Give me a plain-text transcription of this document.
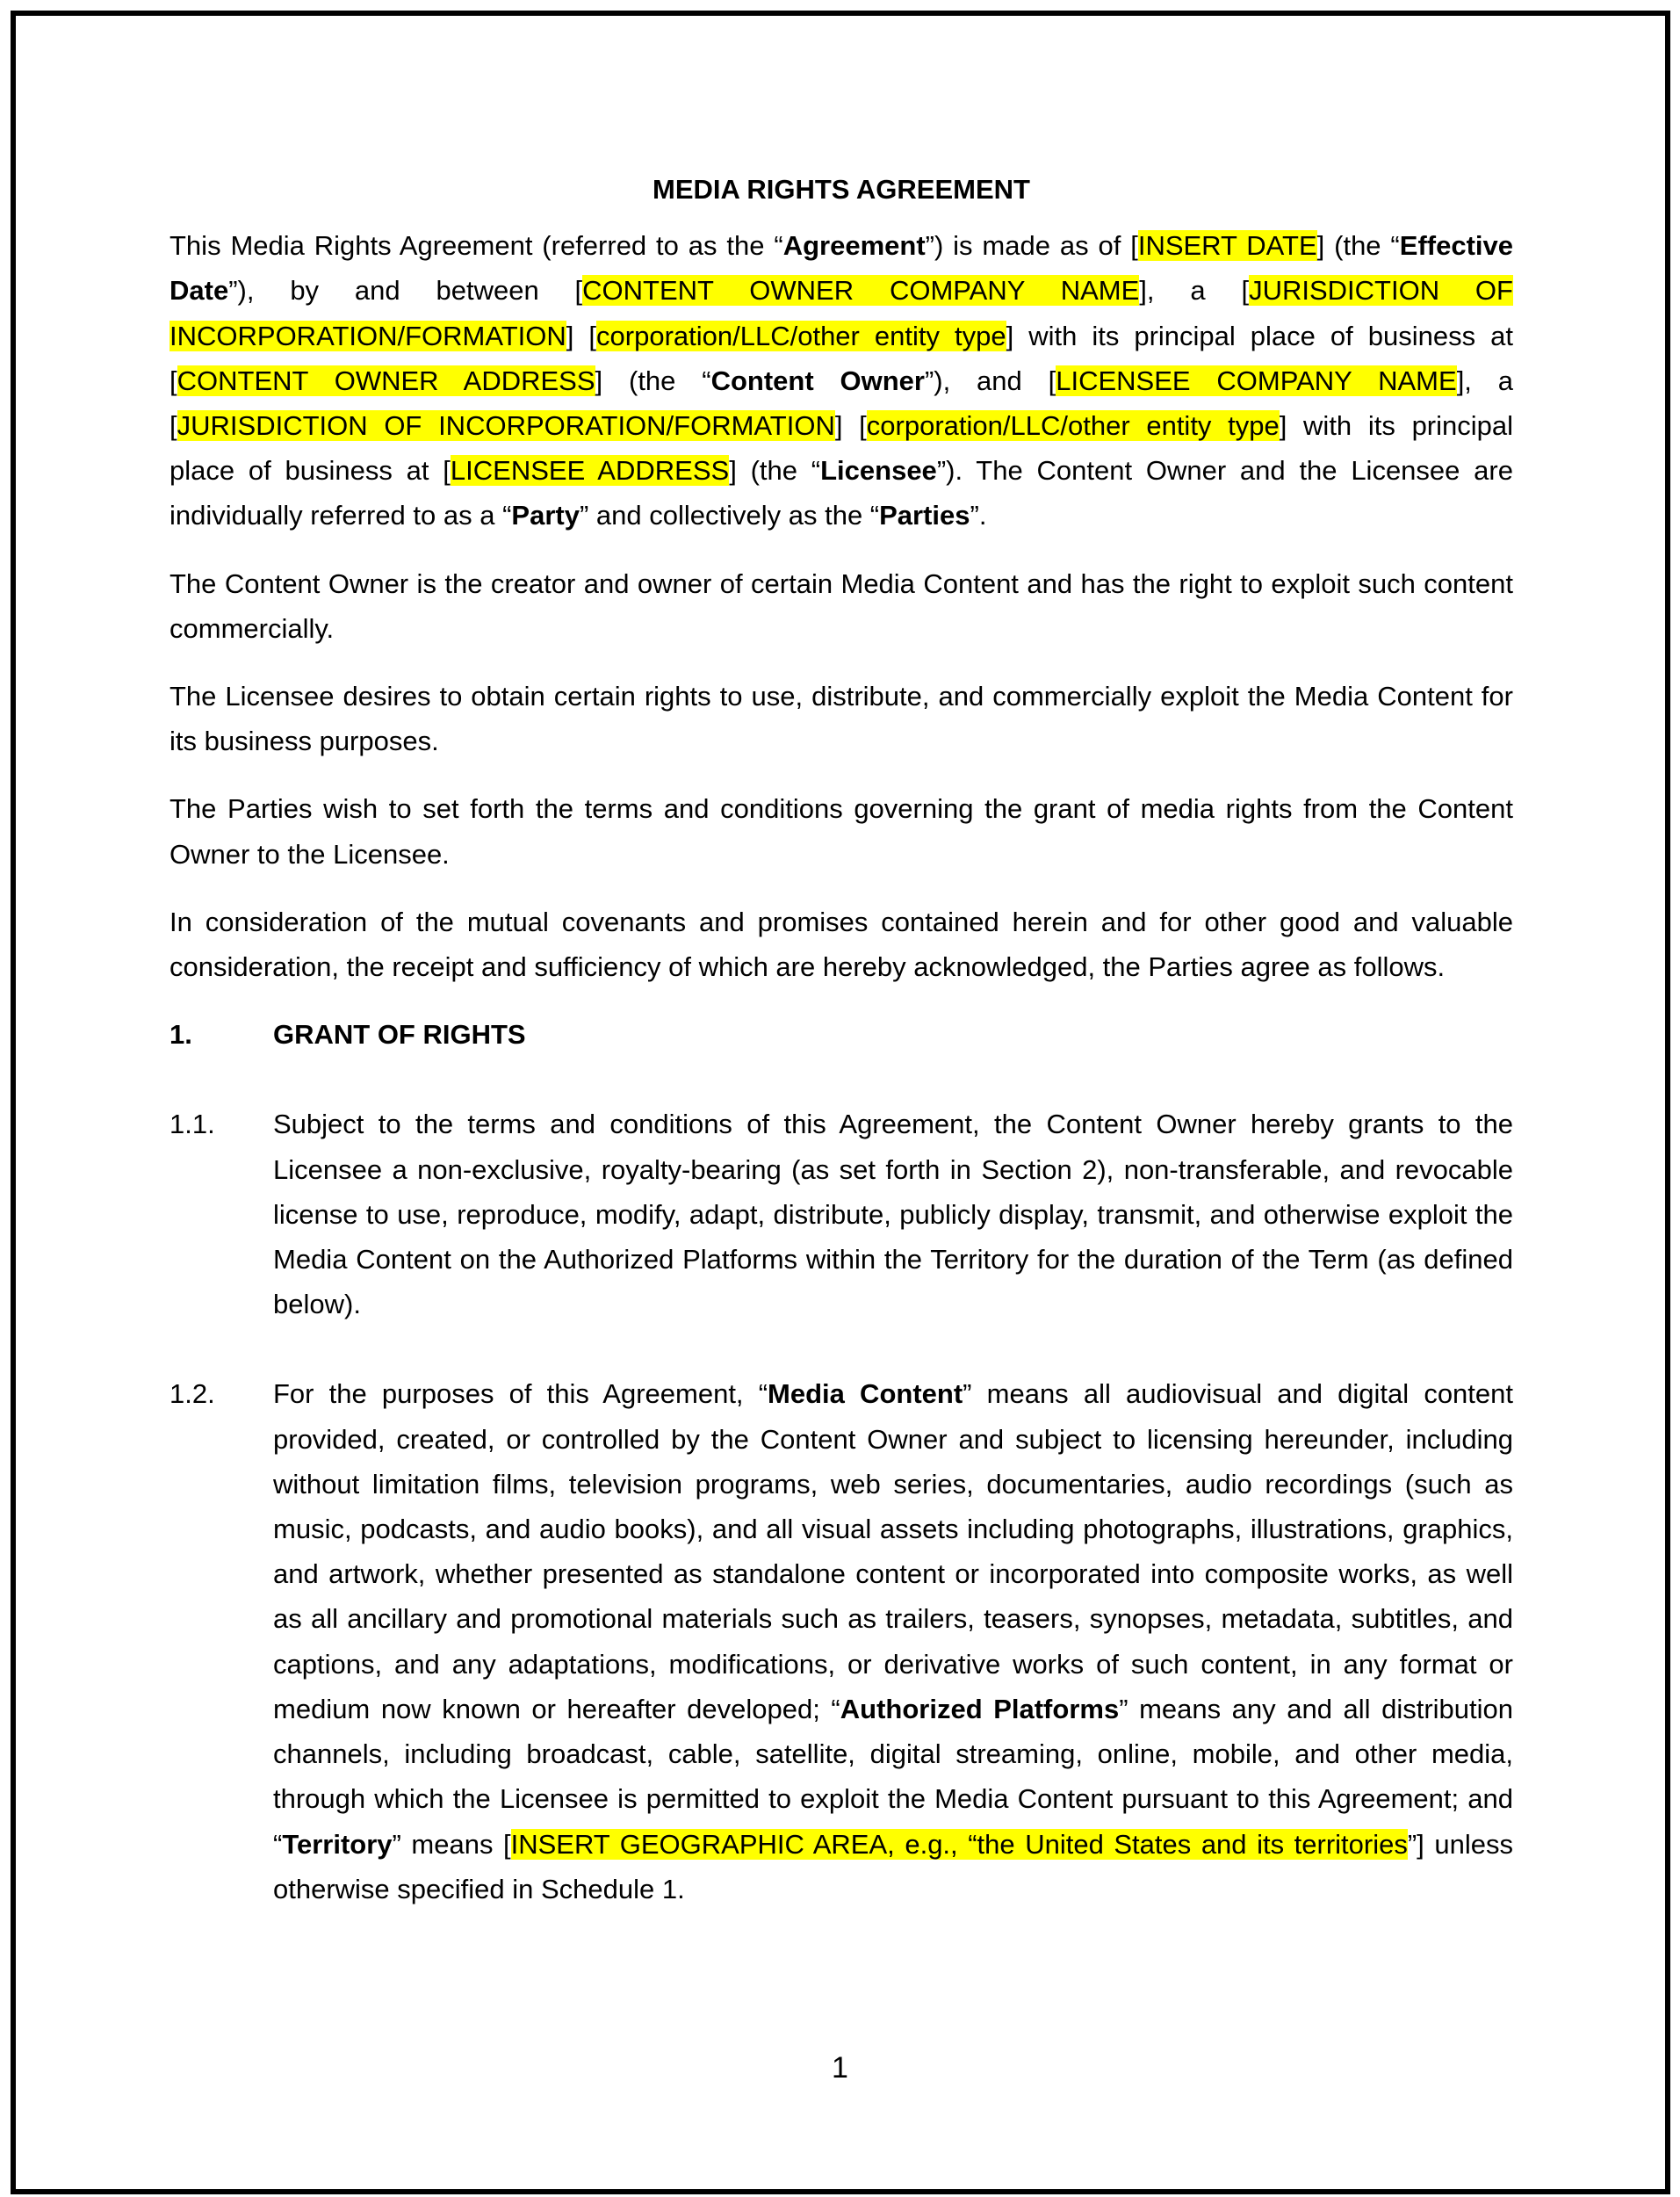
MEDIA RIGHTS AGREEMENT

This Media Rights Agreement (referred to as the “Agreement”) is made as of [INSERT DATE] (the “Effective Date”), by and between [CONTENT OWNER COMPANY NAME], a [JURISDICTION OF INCORPORATION/FORMATION] [corporation/LLC/other entity type] with its principal place of business at [CONTENT OWNER ADDRESS] (the “Content Owner”), and [LICENSEE COMPANY NAME], a [JURISDICTION OF INCORPORATION/FORMATION] [corporation/LLC/other entity type] with its principal place of business at [LICENSEE ADDRESS] (the “Licensee”). The Content Owner and the Licensee are individually referred to as a “Party” and collectively as the “Parties”.

The Content Owner is the creator and owner of certain Media Content and has the right to exploit such content commercially.

The Licensee desires to obtain certain rights to use, distribute, and commercially exploit the Media Content for its business purposes.

The Parties wish to set forth the terms and conditions governing the grant of media rights from the Content Owner to the Licensee.

In consideration of the mutual covenants and promises contained herein and for other good and valuable consideration, the receipt and sufficiency of which are hereby acknowledged, the Parties agree as follows.

1.	GRANT OF RIGHTS
1.1.	Subject to the terms and conditions of this Agreement, the Content Owner hereby grants to the Licensee a non-exclusive, royalty-bearing (as set forth in Section 2), non-transferable, and revocable license to use, reproduce, modify, adapt, distribute, publicly display, transmit, and otherwise exploit the Media Content on the Authorized Platforms within the Territory for the duration of the Term (as defined below).
1.2.	For the purposes of this Agreement, “Media Content” means all audiovisual and digital content provided, created, or controlled by the Content Owner and subject to licensing hereunder, including without limitation films, television programs, web series, documentaries, audio recordings (such as music, podcasts, and audio books), and all visual assets including photographs, illustrations, graphics, and artwork, whether presented as standalone content or incorporated into composite works, as well as all ancillary and promotional materials such as trailers, teasers, synopses, metadata, subtitles, and captions, and any adaptations, modifications, or derivative works of such content, in any format or medium now known or hereafter developed; “Authorized Platforms” means any and all distribution channels, including broadcast, cable, satellite, digital streaming, online, mobile, and other media, through which the Licensee is permitted to exploit the Media Content pursuant to this Agreement; and “Territory” means [INSERT GEOGRAPHIC AREA, e.g., “the United States and its territories”] unless otherwise specified in Schedule 1.
1
